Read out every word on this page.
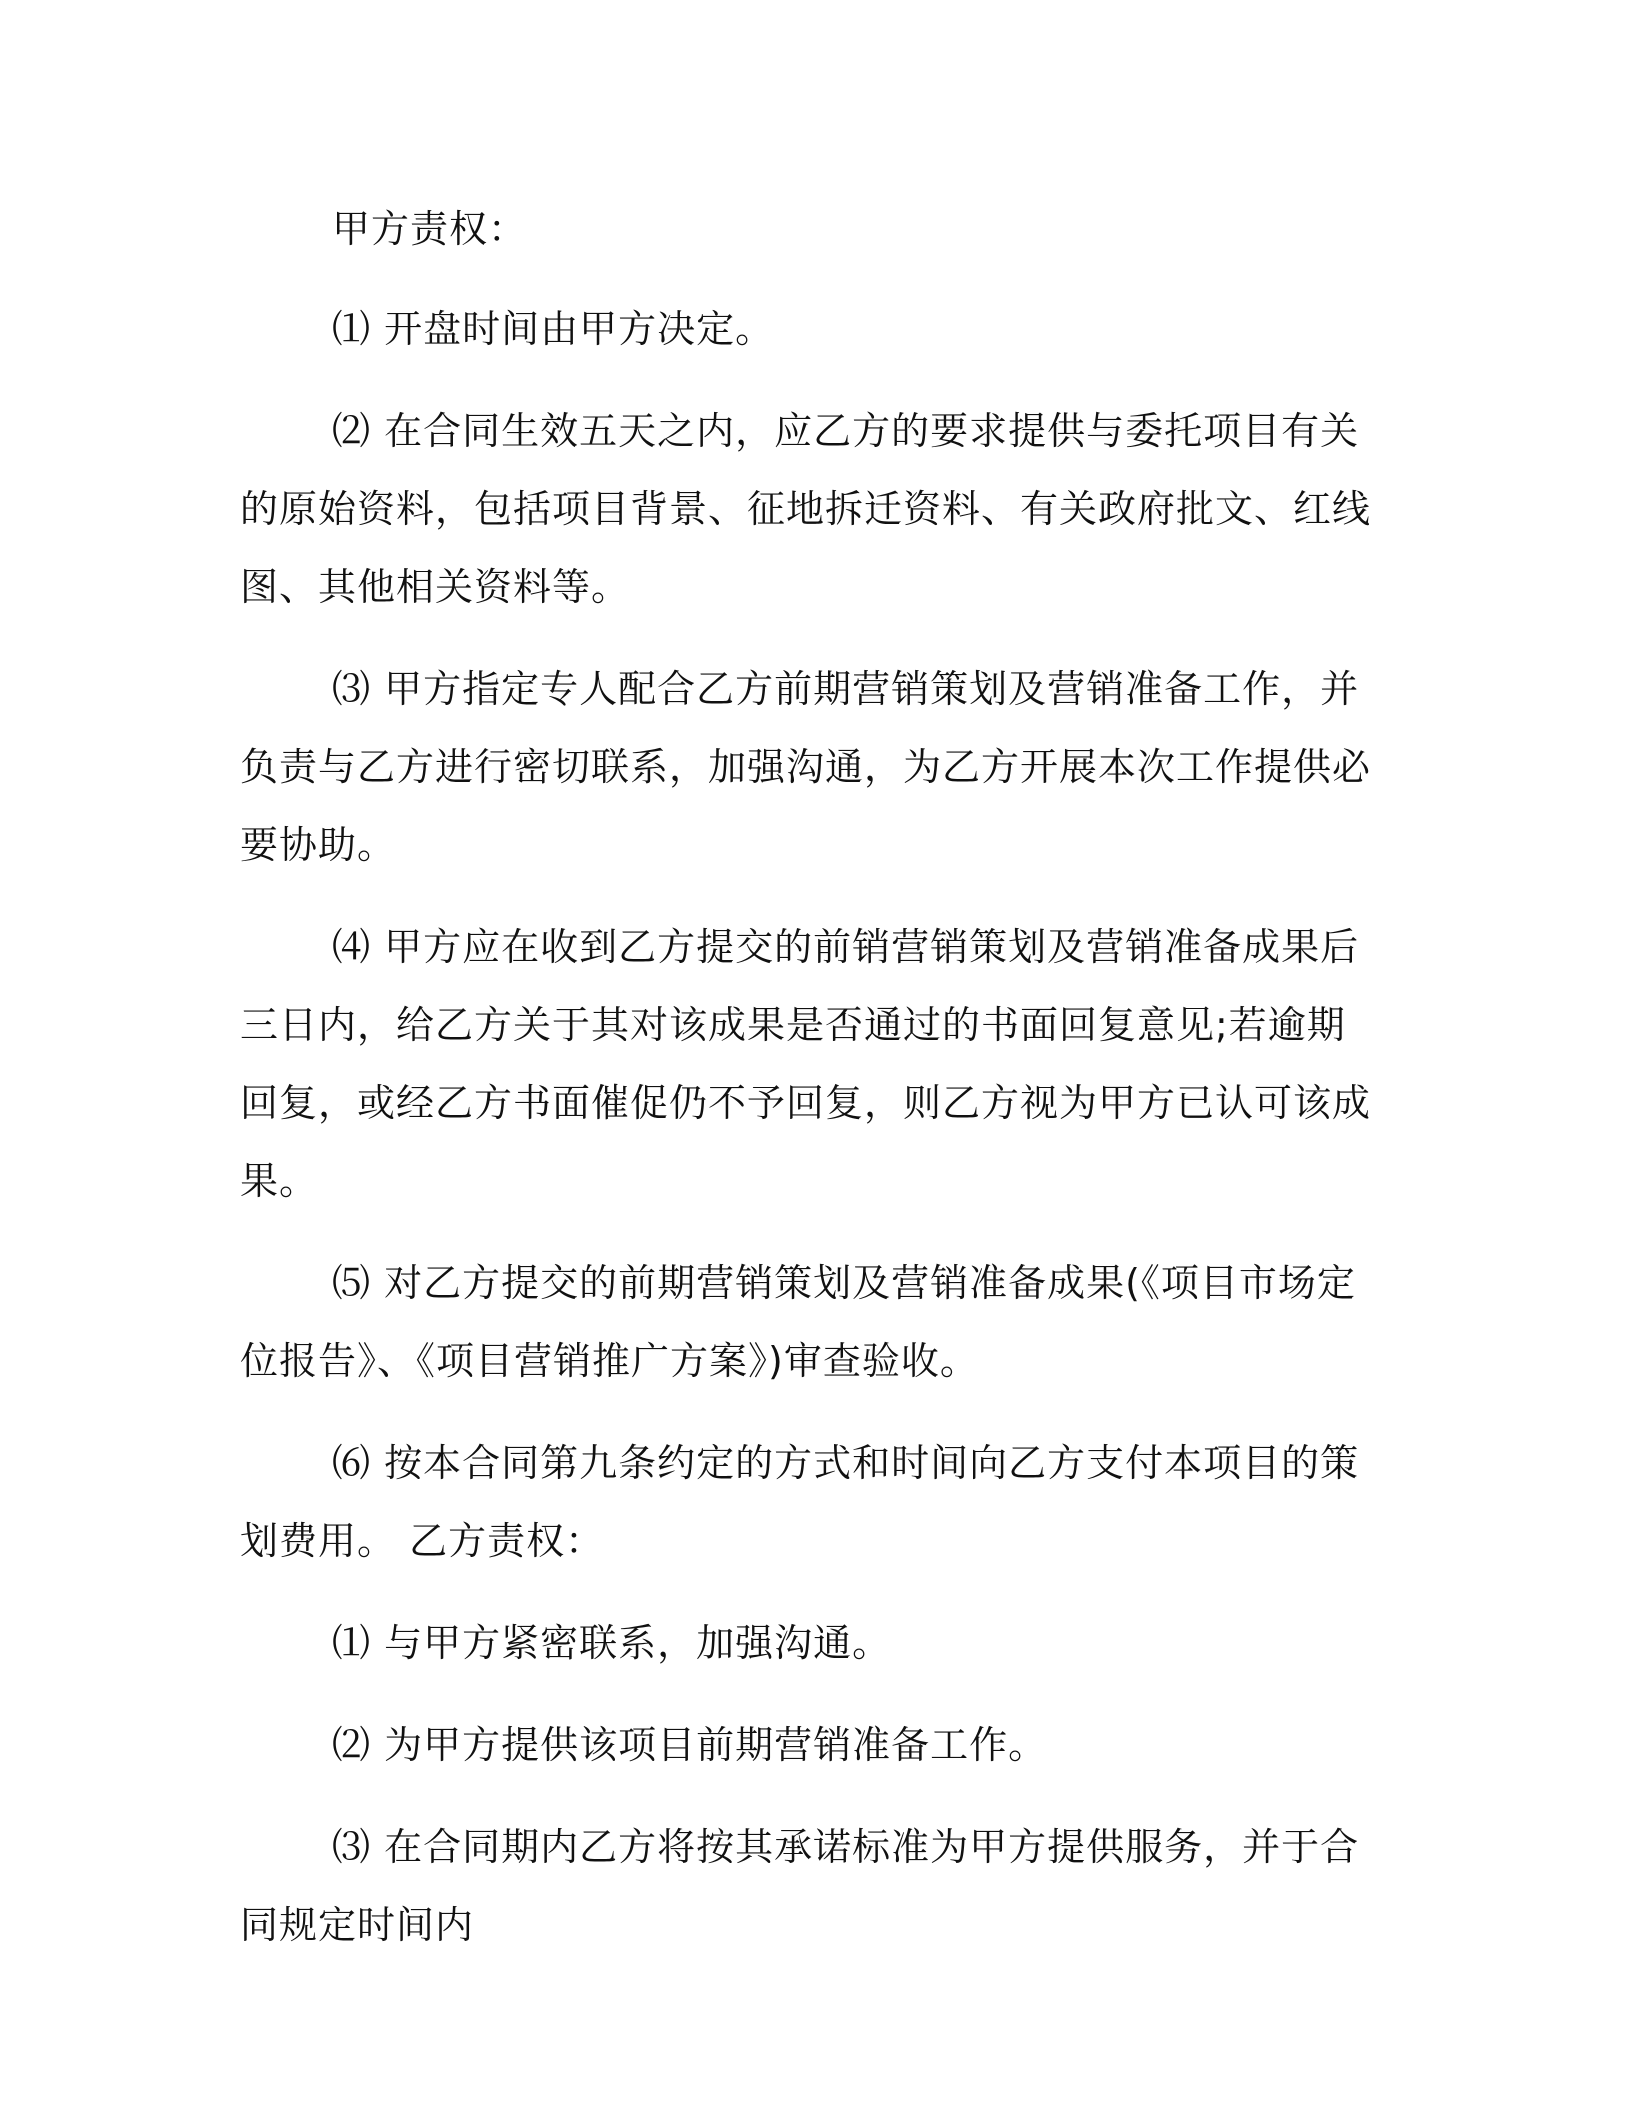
甲方责权：

⑴ 开盘时间由甲方决定。

⑵ 在合同生效五天之内，应乙方的要求提供与委托项目有关的原始资料，包括项目背景、征地拆迁资料、有关政府批文、红线图、其他相关资料等。

⑶ 甲方指定专人配合乙方前期营销策划及营销准备工作，并负责与乙方进行密切联系，加强沟通，为乙方开展本次工作提供必要协助。

⑷ 甲方应在收到乙方提交的前销营销策划及营销准备成果后三日内，给乙方关于其对该成果是否通过的书面回复意见;若逾期回复，或经乙方书面催促仍不予回复，则乙方视为甲方已认可该成果。

⑸ 对乙方提交的前期营销策划及营销准备成果(《项目市场定位报告》、《项目营销推广方案》)审查验收。

⑹ 按本合同第九条约定的方式和时间向乙方支付本项目的策划费用。 乙方责权：

⑴ 与甲方紧密联系，加强沟通。

⑵ 为甲方提供该项目前期营销准备工作。

⑶ 在合同期内乙方将按其承诺标准为甲方提供服务，并于合同规定时间内
